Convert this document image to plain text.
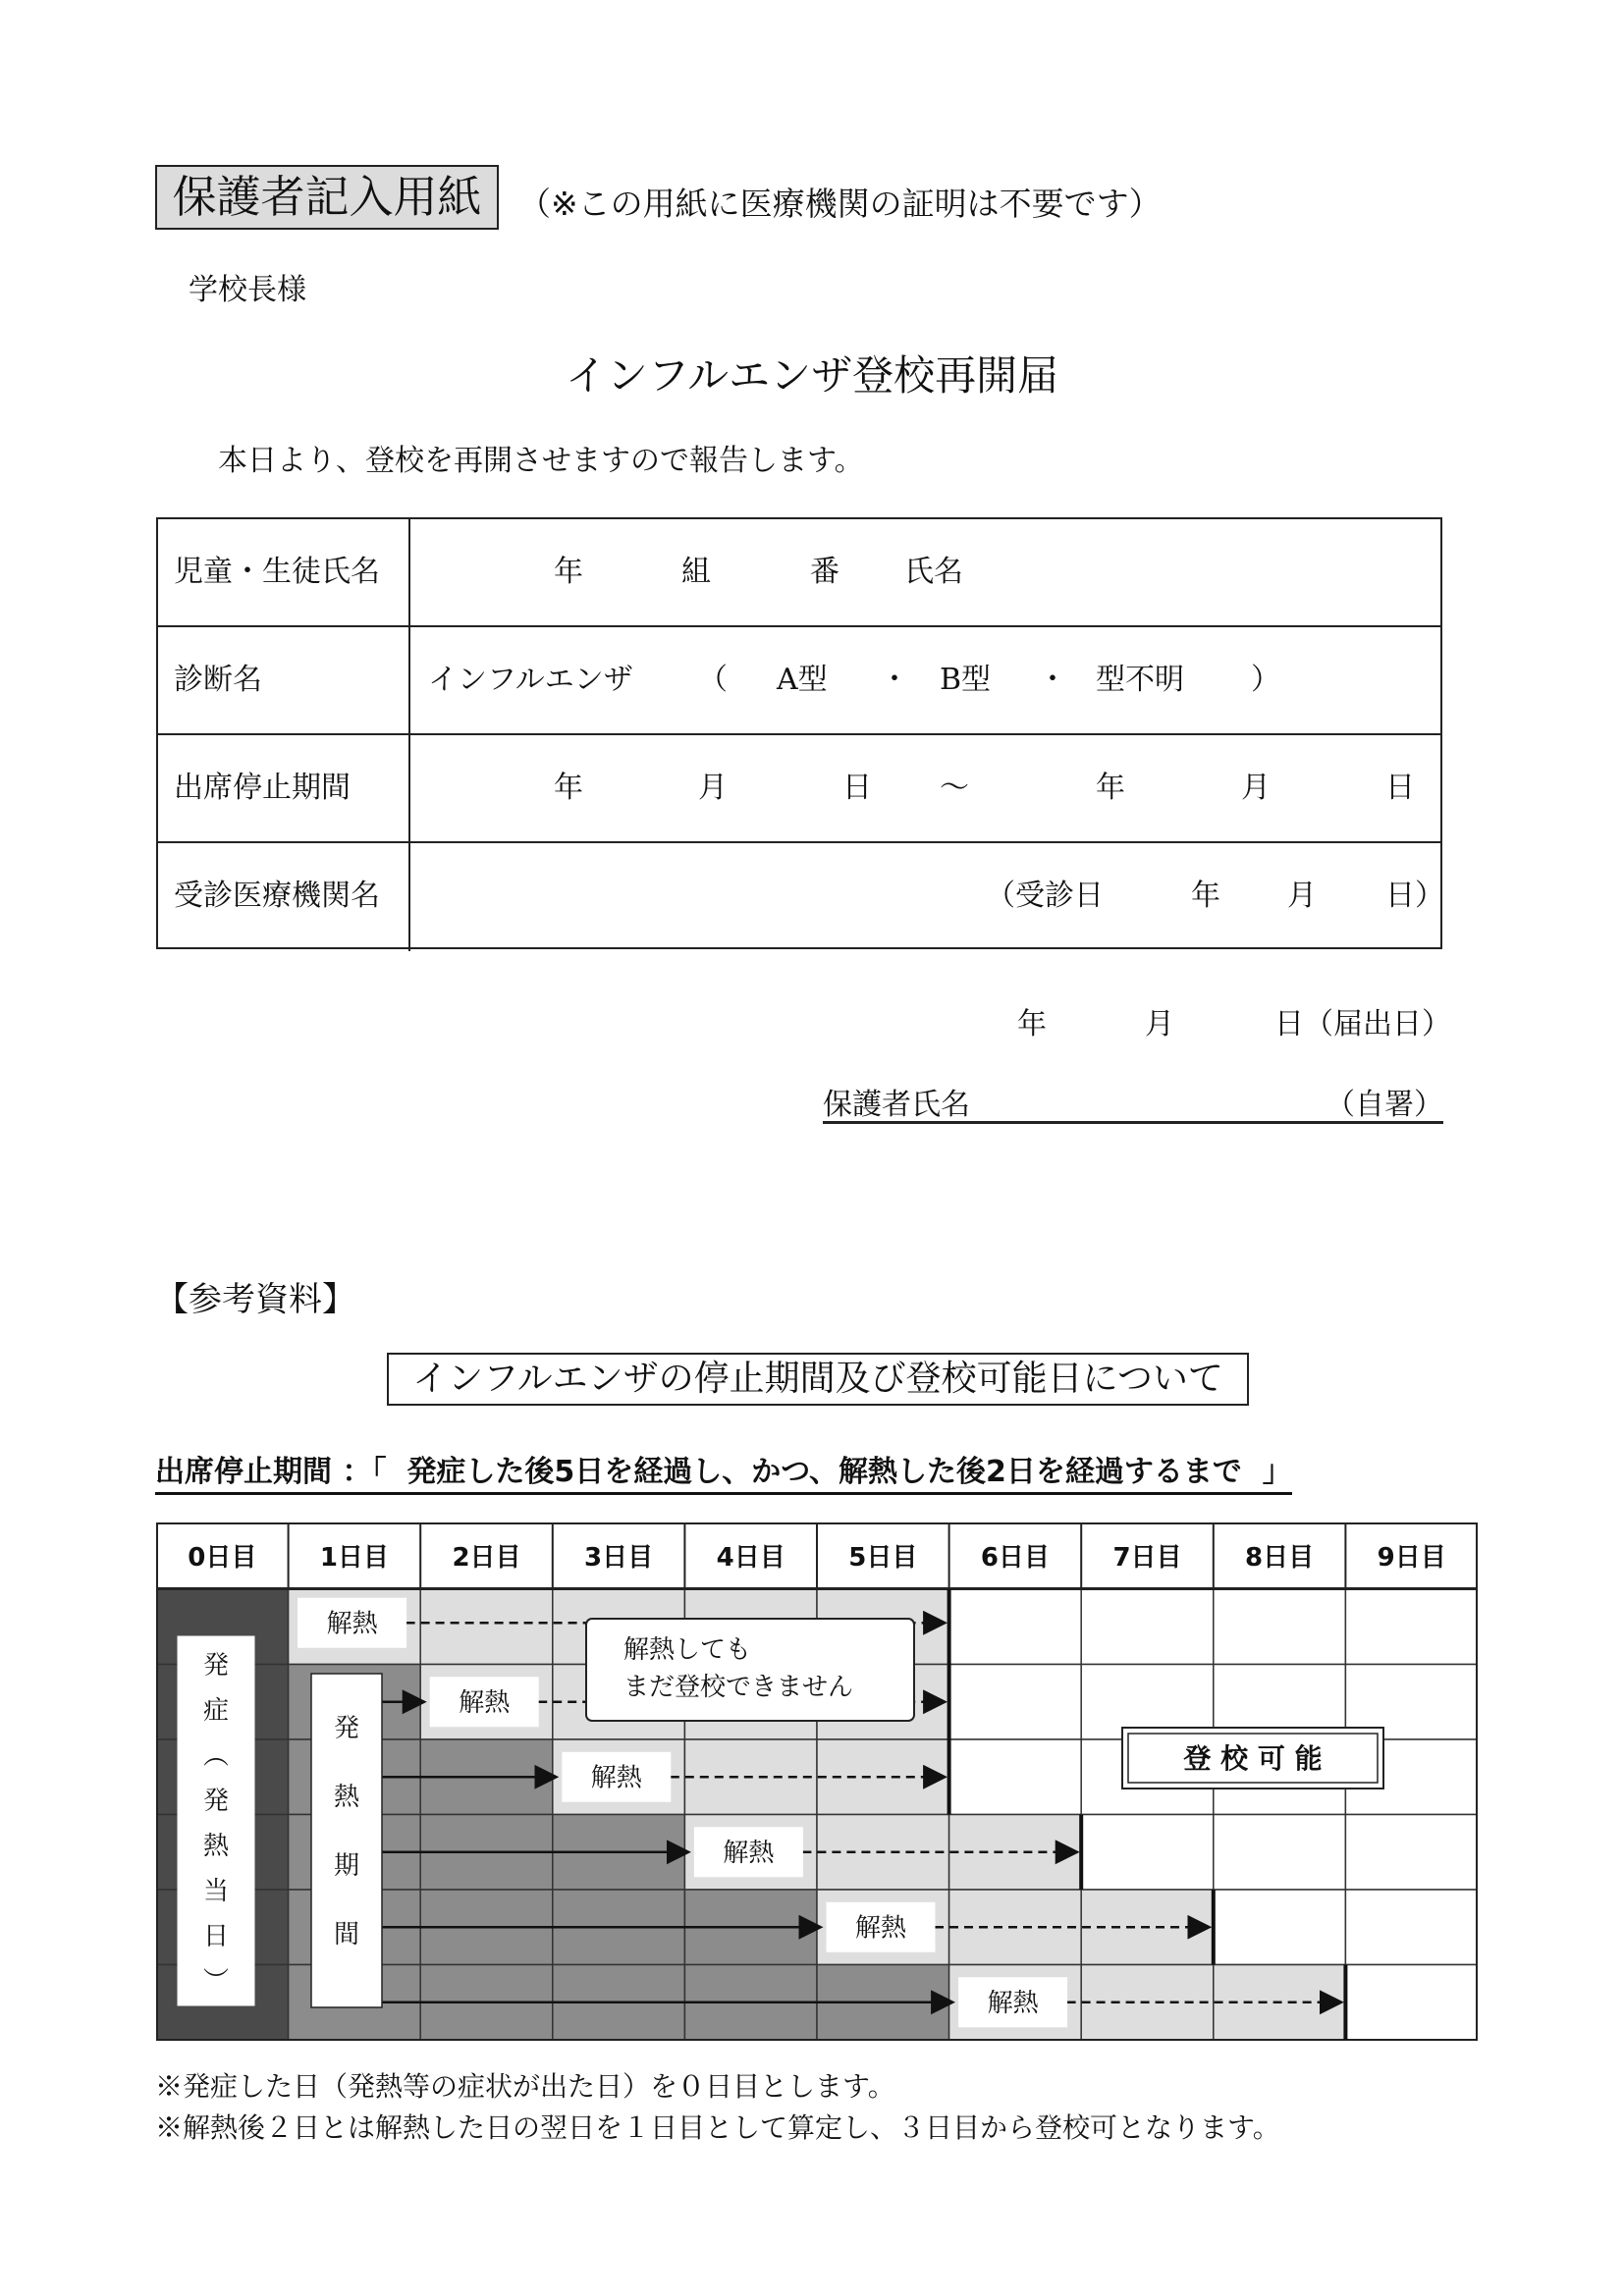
保護者記入用紙	（※この用紙に医療機関の証明は不要です）
学校長様
インフルエンザ登校再開届
本日より、登校を再開させますので報告します。
児童・生徒氏名	年	組	番 氏名
診断名	インフルエンザ （ A型 ・ B型 ・ 型不明 ）
出席停止期間	年	月	日 ～	年	月	日
受診医療機関名	（受診日	年 月 日）
年	月	日 （届出日）
保護者氏名	（自署）
【参考資料】
インフルエンザの停止期間及び登校可能日について
出席停止期間 ：「  発症した後5日を経過し、かつ、解熱した後2日を経過するまで  」
0日目 1日目 2日目 3日目 4日目 5日目 6日目 7日目 8日目 9日目
解熱
解熱
解熱
解熱
解熱
解熱
発
症
︵
発
熱
当
日
︶
発
熱
期
間
解熱しても
まだ登校できません
登 校 可 能
※発症した日（発熱等の症状が出た日）を０日目とします。
※解熱後２日とは解熱した日の翌日を１日目として算定し、３日目から登校可となります。
